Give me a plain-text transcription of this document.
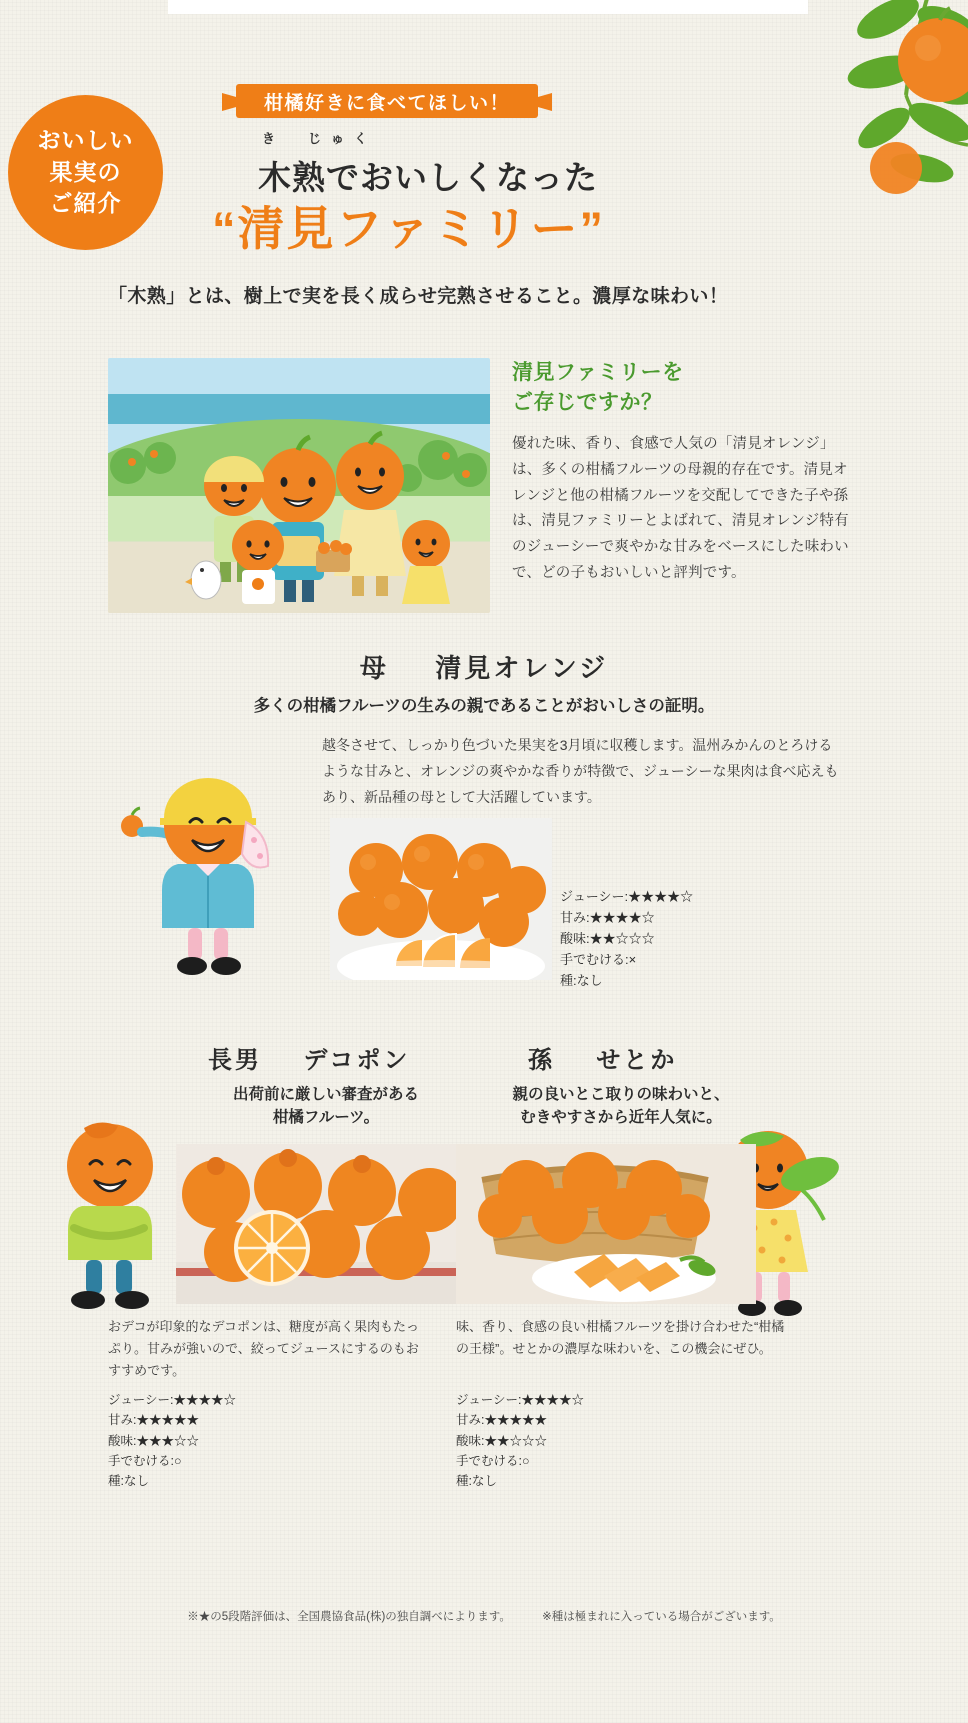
おいしい
果実の
ご紹介
柑橘好きに食べてほしい！
き　じゅく
木熟でおいしくなった
“清見ファミリー”
「木熟」とは、樹上で実を長く成らせ完熟させること。濃厚な味わい！
清見ファミリーを
ご存じですか？
優れた味、香り、食感で人気の「清見オレンジ」は、多くの柑橘フルーツの母親的存在です。清見オレンジと他の柑橘フルーツを交配してできた子や孫は、清見ファミリーとよばれて、清見オレンジ特有のジューシーで爽やかな甘みをベースにした味わいで、どの子もおいしいと評判です。
母 清見オレンジ
多くの柑橘フルーツの生みの親であることがおいしさの証明。
越冬させて、しっかり色づいた果実を3月頃に収穫します。温州みかんのとろけるような甘みと、オレンジの爽やかな香りが特徴で、ジューシーな果肉は食べ応えもあり、新品種の母として大活躍しています。
ジューシー:★★★★☆
甘み:★★★★☆
酸味:★★☆☆☆
手でむける:×
種:なし
長男 デコポン
出荷前に厳しい審査がある
柑橘フルーツ。
おデコが印象的なデコポンは、糖度が高く果肉もたっぷり。甘みが強いので、絞ってジュースにするのもおすすめです。
ジューシー:★★★★☆
甘み:★★★★★
酸味:★★★☆☆
手でむける:○
種:なし
孫 せとか
親の良いとこ取りの味わいと、
むきやすさから近年人気に。
味、香り、食感の良い柑橘フルーツを掛け合わせた“柑橘の王様”。せとかの濃厚な味わいを、この機会にぜひ。
ジューシー:★★★★☆
甘み:★★★★★
酸味:★★☆☆☆
手でむける:○
種:なし
※★の5段階評価は、全国農協食品(株)の独自調べによります。	※種は極まれに入っている場合がございます。
